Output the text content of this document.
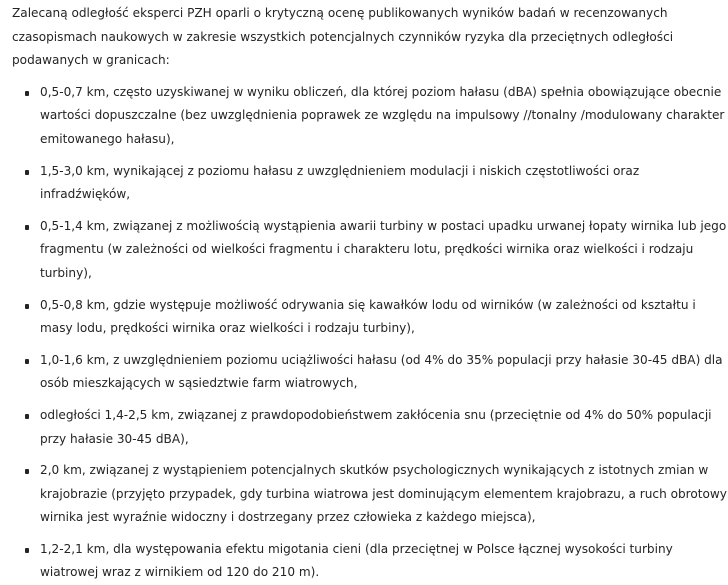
Zalecaną odległość eksperci PZH oparli o krytyczną ocenę publikowanych wyników badań w recenzowanych czasopismach naukowych w zakresie wszystkich potencjalnych czynników ryzyka dla przeciętnych odległości podawanych w granicach:

0,5-0,7 km, często uzyskiwanej w wyniku obliczeń, dla której poziom hałasu (dBA) spełnia obowiązujące obecnie wartości dopuszczalne (bez uwzględnienia poprawek ze względu na impulsowy //tonalny /modulowany charakter emitowanego hałasu),
1,5-3,0 km, wynikającej z poziomu hałasu z uwzględnieniem modulacji i niskich częstotliwości oraz infradźwięków,
0,5-1,4 km, związanej z możliwością wystąpienia awarii turbiny w postaci upadku urwanej łopaty wirnika lub jego fragmentu (w zależności od wielkości fragmentu i charakteru lotu, prędkości wirnika oraz wielkości i rodzaju turbiny),
0,5-0,8 km, gdzie występuje możliwość odrywania się kawałków lodu od wirników (w zależności od kształtu i masy lodu, prędkości wirnika oraz wielkości i rodzaju turbiny),
1,0-1,6 km, z uwzględnieniem poziomu uciążliwości hałasu (od 4% do 35% populacji przy hałasie 30-45 dBA) dla osób mieszkających w sąsiedztwie farm wiatrowych,
odległości 1,4-2,5 km, związanej z prawdopodobieństwem zakłócenia snu (przeciętnie od 4% do 50% populacji przy hałasie 30-45 dBA),
2,0 km, związanej z wystąpieniem potencjalnych skutków psychologicznych wynikających z istotnych zmian w krajobrazie (przyjęto przypadek, gdy turbina wiatrowa jest dominującym elementem krajobrazu, a ruch obrotowy wirnika jest wyraźnie widoczny i dostrzegany przez człowieka z każdego miejsca),
1,2-2,1 km, dla występowania efektu migotania cieni (dla przeciętnej w Polsce łącznej wysokości turbiny wiatrowej wraz z wirnikiem od 120 do 210 m).
